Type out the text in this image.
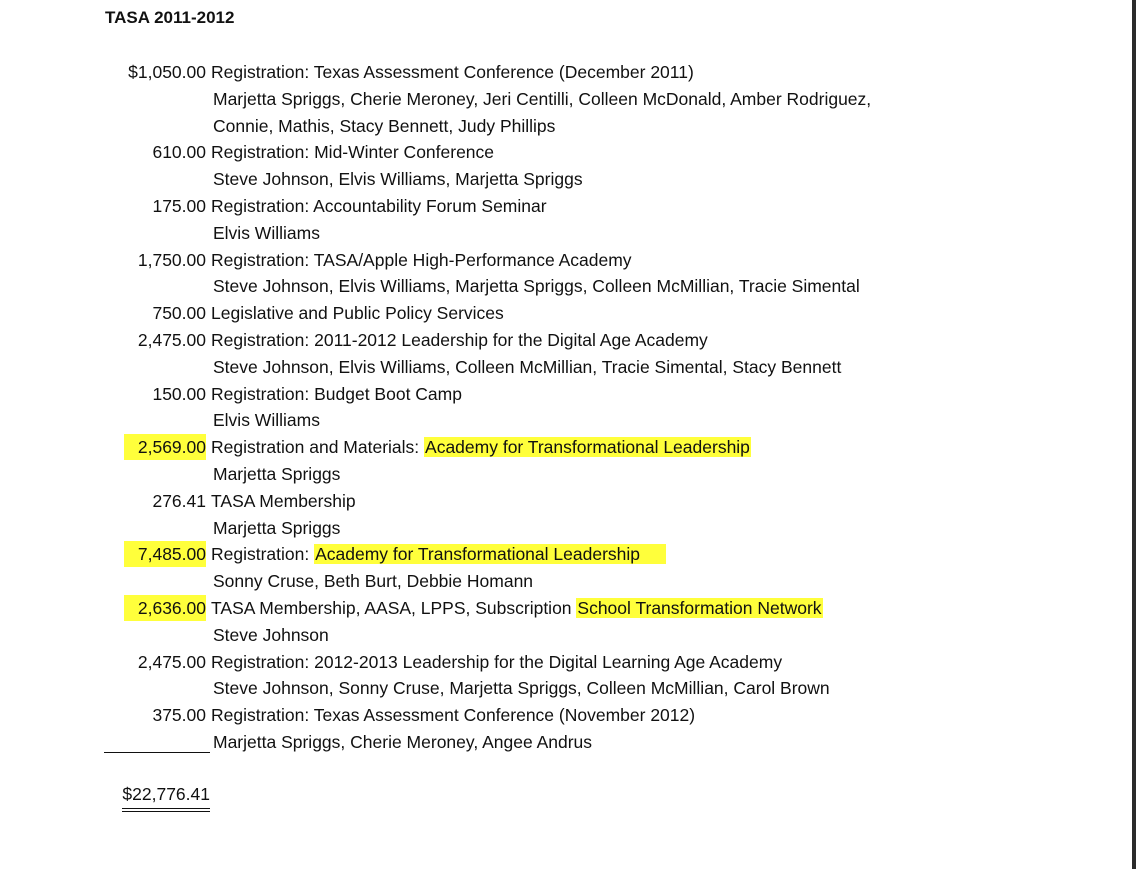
TASA 2011-2012
$1,050.00 Registration: Texas Assessment Conference (December 2011)
Marjetta Spriggs, Cherie Meroney, Jeri Centilli, Colleen McDonald, Amber Rodriguez,
Connie, Mathis, Stacy Bennett, Judy Phillips
610.00 Registration: Mid-Winter Conference
Steve Johnson, Elvis Williams, Marjetta Spriggs
175.00 Registration: Accountability Forum Seminar
Elvis Williams
1,750.00 Registration: TASA/Apple High-Performance Academy
Steve Johnson, Elvis Williams, Marjetta Spriggs, Colleen McMillian, Tracie Simental
750.00 Legislative and Public Policy Services
2,475.00 Registration: 2011-2012 Leadership for the Digital Age Academy
Steve Johnson, Elvis Williams, Colleen McMillian, Tracie Simental, Stacy Bennett
150.00 Registration: Budget Boot Camp
Elvis Williams
2,569.00 Registration and Materials: Academy for Transformational Leadership
Marjetta Spriggs
276.41 TASA Membership
Marjetta Spriggs
7,485.00 Registration: Academy for Transformational Leadership
Sonny Cruse, Beth Burt, Debbie Homann
2,636.00 TASA Membership, AASA, LPPS, Subscription School Transformation Network
Steve Johnson
2,475.00 Registration: 2012-2013 Leadership for the Digital Learning Age Academy
Steve Johnson, Sonny Cruse, Marjetta Spriggs, Colleen McMillian, Carol Brown
375.00 Registration: Texas Assessment Conference (November 2012)
Marjetta Spriggs, Cherie Meroney, Angee Andrus
$22,776.41
